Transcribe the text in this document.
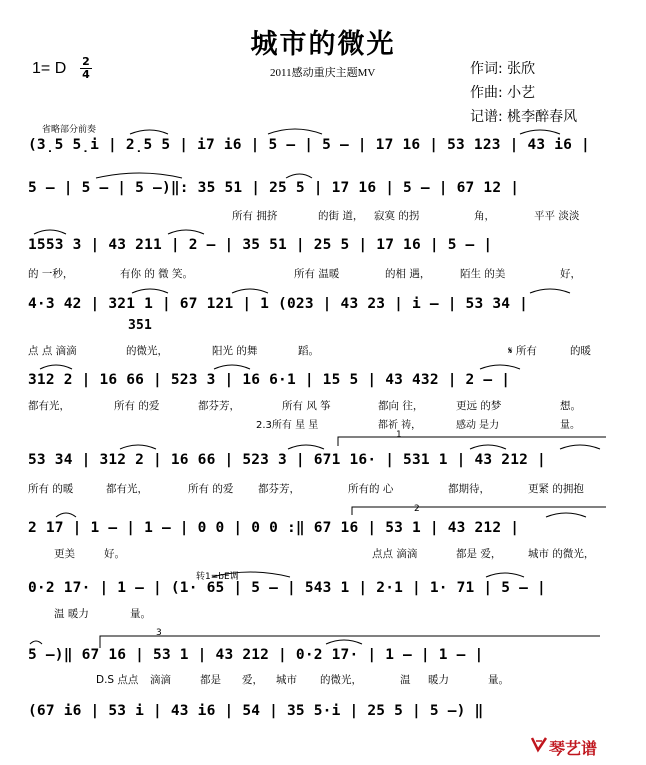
城市的微光
2011感动重庆主题MV
1= D 2
4	作词: 张欣
作曲: 小艺
记谱: 桃李醉春风
省略部分前奏
(3̣5 5̣i | 2̣5 5 | i7 i6 | 5 – | 5 – | 17 16 | 53 123 | 43 i6 |
5 – | 5 – | 5 –)‖: 35 51 | 25 5 | 17 16 | 5 – | 67 12 |
所有 拥挤	的街 道， 寂寞 的拐	角，	平平 淡淡
1553 3 | 43 211 | 2 – | 35 51 | 25 5 | 17 16 | 5 – |
的 一秒，	有你 的 微 笑。	所有 温暖	的相 遇，	陌生 的美	好，
4·3 42 | 321 1 | 67 121 | 1 (023 | 43 23 | i – | 53 34 |
351
点 点 滴滴	的微光，	阳光 的舞	蹈。	𝄋 所有	的暖
312 2 | 16 66 | 523 3 | 16 6·1 | 15 5 | 43 432 | 2 – |
都有光，	所有 的爱	都芬芳，	所有 风 筝	都向 往，	更远 的梦	想。
2.3所有 星 星	都祈 祷，	感动 是力	量。
1
53 34 | 312 2 | 16 66 | 523 3 | 671 16· | 531 1 | 43 212 |
所有 的暖	都有光，	所有 的爱 都芬芳，	所有的 心	都期待，	更紧 的拥抱
2
2 17 | 1 – | 1 – | 0 0 | 0 0 :‖ 67 16 | 53 1 | 43 212 |
更美	好。	点点 滴滴	都是 爱，	城市 的微光，
转1=bE调
0·2 17· | 1 – | (1· 65 | 5 – | 543 1 | 2·1 | 1· 71 | 5 – |
温 暖力	量。
3
5 –)‖ 67 16 | 53 1 | 43 212 | 0·2 17· | 1 – | 1 – |
D.S 点点 滴滴	都是 爱， 城市 的微光，	温 暖力	量。
(67 i6 | 53 i | 43 i6 | 54 | 35 5·i | 25 5 | 5 –) ‖
琴艺谱
